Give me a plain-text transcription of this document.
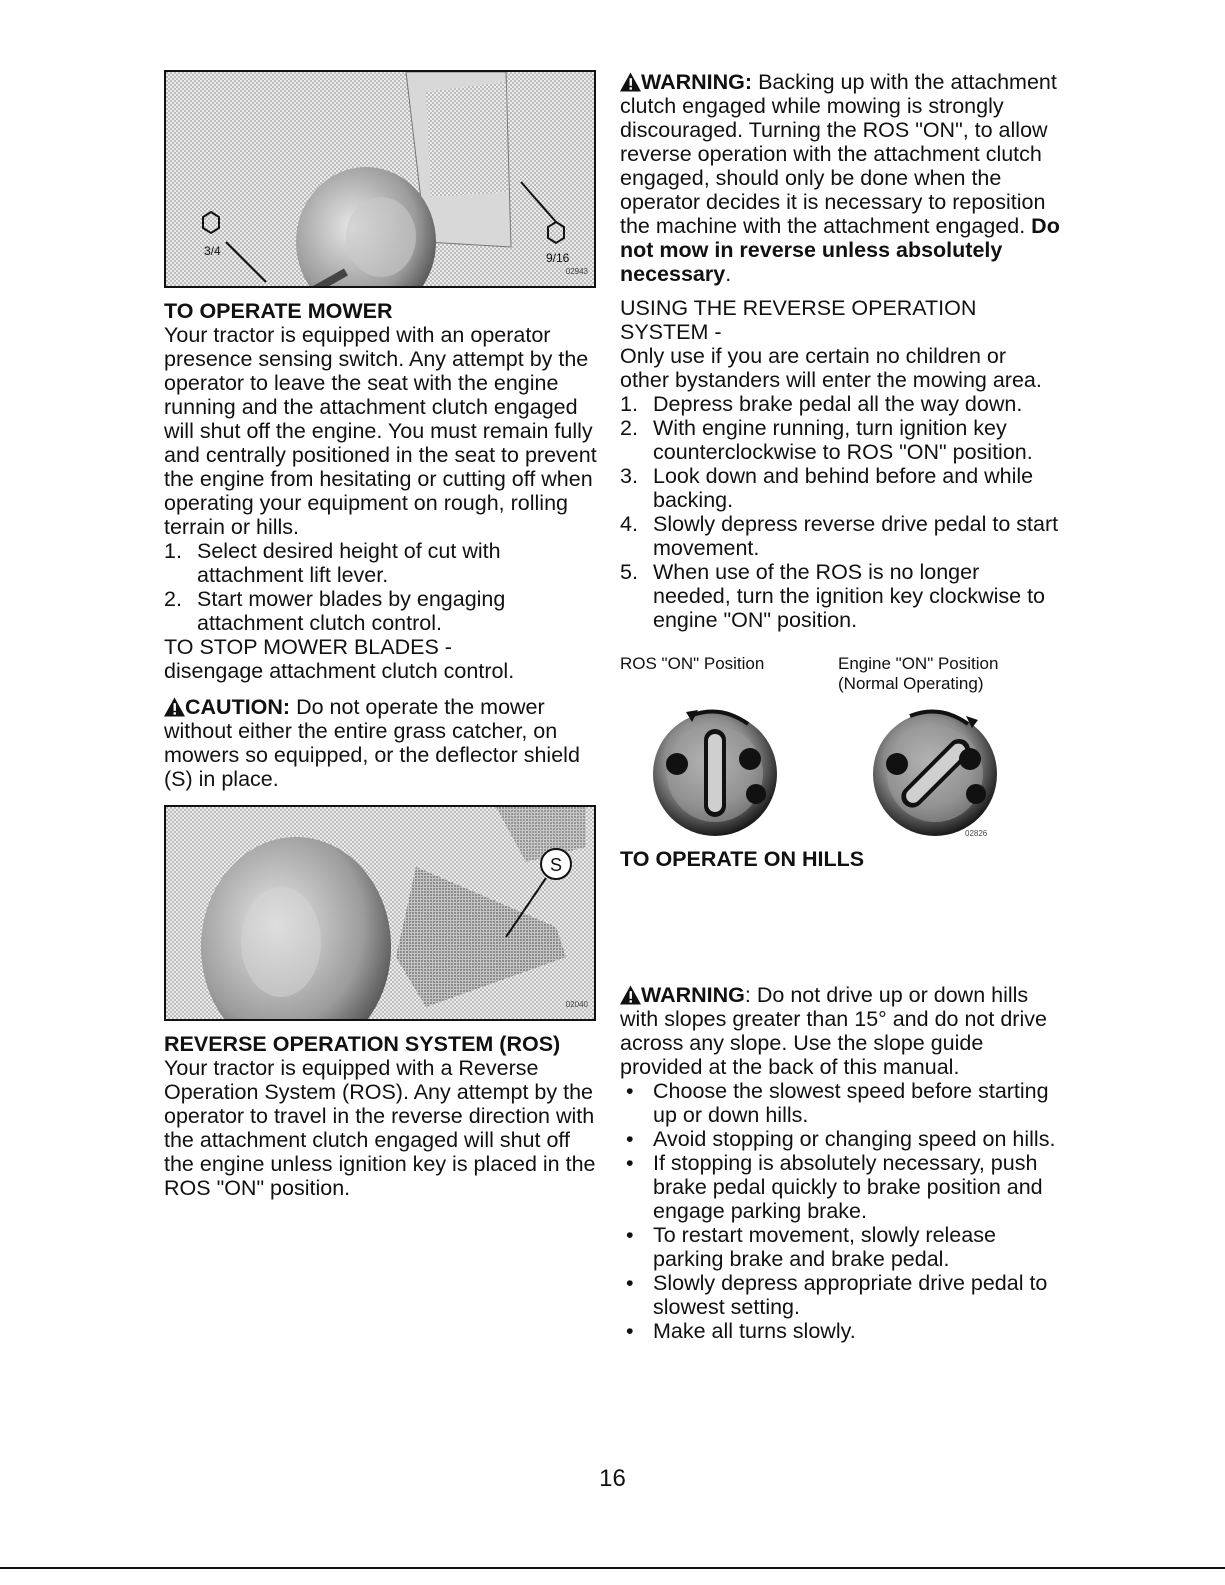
9/16
3/4
02943
TO OPERATE MOWER

Your tractor is equipped with an operator presence sensing switch. Any attempt by the operator to leave the seat with the engine running and the attachment clutch engaged will shut off the engine. You must remain fully and centrally positioned in the seat to prevent the engine from hesitating or cutting off when operating your equipment on rough, rolling terrain or hills.

1. Select desired height of cut with attachment lift lever.
2. Start mower blades by engaging attachment clutch control.

TO STOP MOWER BLADES -

disengage attachment clutch control.

CAUTION: Do not operate the mower without either the entire grass catcher, on mowers so equipped, or the deflector shield (S) in place.

S
02040
REVERSE OPERATION SYSTEM (ROS)

Your tractor is equipped with a Reverse Operation System (ROS). Any attempt by the operator to travel in the reverse direction with the attachment clutch engaged will shut off the engine unless ignition key is placed in the ROS "ON" position.

WARNING: Backing up with the attachment clutch engaged while mowing is strongly discouraged. Turning the ROS "ON", to allow reverse operation with the attachment clutch engaged, should only be done when the operator decides it is necessary to reposition the machine with the attachment engaged. Do not mow in reverse unless absolutely necessary.

USING THE REVERSE OPERATION SYSTEM -

Only use if you are certain no children or other bystanders will enter the mowing area.

1. Depress brake pedal all the way down.
2. With engine running, turn ignition key counterclockwise to ROS "ON" position.
3. Look down and behind before and while backing.
4. Slowly depress reverse drive pedal to start movement.
5. When use of the ROS is no longer needed, turn the ignition key clockwise to engine "ON" position.
ROS "ON" Position	Engine "ON" Position
(Normal Operating)
02826
TO OPERATE ON HILLS

WARNING: Do not drive up or down hills with slopes greater than 15° and do not drive across any slope. Use the slope guide provided at the back of this manual.

• Choose the slowest speed before starting up or down hills.
• Avoid stopping or changing speed on hills.
• If stopping is absolutely necessary, push brake pedal quickly to brake position and engage parking brake.
• To restart movement, slowly release parking brake and brake pedal.
• Slowly depress appropriate drive pedal to slowest setting.
• Make all turns slowly.
16
